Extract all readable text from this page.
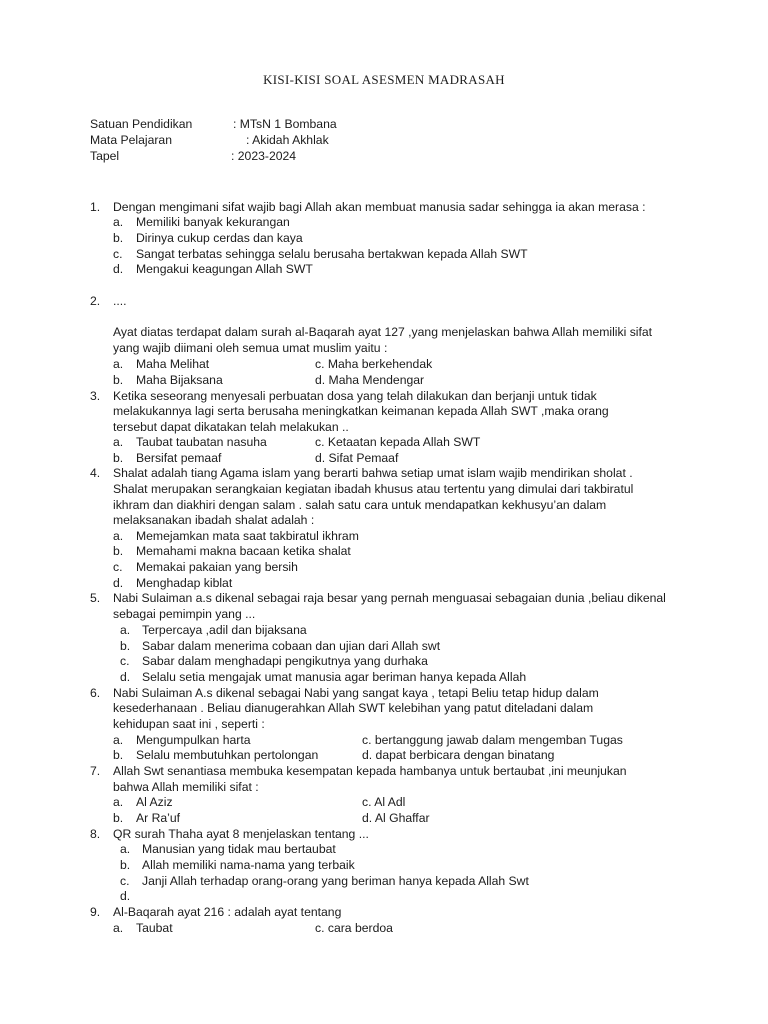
KISI-KISI SOAL ASESMEN MADRASAH
Satuan Pendidikan	: MTsN 1 Bombana
Mata Pelajaran	: Akidah Akhlak
Tapel	: 2023-2024
1. Dengan mengimani sifat wajib bagi Allah akan membuat manusia sadar sehingga ia akan merasa :
a. Memiliki banyak kekurangan
b. Dirinya cukup cerdas dan kaya
c. Sangat terbatas sehingga selalu berusaha bertakwan kepada Allah SWT
d. Mengakui keagungan Allah SWT
2. ....
Ayat diatas terdapat dalam surah al-Baqarah ayat 127 ,yang menjelaskan bahwa Allah memiliki sifat
yang wajib diimani oleh semua umat muslim yaitu :
a. Maha Melihat	c. Maha berkehendak
b. Maha Bijaksana	d. Maha Mendengar
3. Ketika seseorang menyesali perbuatan dosa yang telah dilakukan dan berjanji untuk tidak
melakukannya lagi serta berusaha meningkatkan keimanan kepada Allah SWT ,maka orang
tersebut dapat dikatakan telah melakukan ..
a. Taubat taubatan nasuha	c. Ketaatan kepada Allah SWT
b. Bersifat pemaaf	d. Sifat Pemaaf
4. Shalat adalah tiang Agama islam yang berarti bahwa setiap umat islam wajib mendirikan sholat .
Shalat merupakan serangkaian kegiatan ibadah khusus atau tertentu yang dimulai dari takbiratul
ikhram dan diakhiri dengan salam . salah satu cara untuk mendapatkan kekhusyu’an dalam
melaksanakan ibadah shalat adalah :
a. Memejamkan mata saat takbiratul ikhram
b. Memahami makna bacaan ketika shalat
c. Memakai pakaian yang bersih
d. Menghadap kiblat
5. Nabi Sulaiman a.s dikenal sebagai raja besar yang pernah menguasai sebagaian dunia ,beliau dikenal
sebagai pemimpin yang ...
a. Terpercaya ,adil dan bijaksana
b. Sabar dalam menerima cobaan dan ujian dari Allah swt
c. Sabar dalam menghadapi pengikutnya yang durhaka
d. Selalu setia mengajak umat manusia agar beriman hanya kepada Allah
6. Nabi Sulaiman A.s dikenal sebagai Nabi yang sangat kaya , tetapi Beliu tetap hidup dalam
kesederhanaan . Beliau dianugerahkan Allah SWT kelebihan yang patut diteladani dalam
kehidupan saat ini , seperti :
a. Mengumpulkan harta	c. bertanggung jawab dalam mengemban Tugas
b. Selalu membutuhkan pertolongan	d. dapat berbicara dengan binatang
7. Allah Swt senantiasa membuka kesempatan kepada hambanya untuk bertaubat ,ini meunjukan
bahwa Allah memiliki sifat :
a. Al Aziz	c. Al Adl
b. Ar Ra’uf	d. Al Ghaffar
8. QR surah Thaha ayat 8 menjelaskan tentang ...
a. Manusian yang tidak mau bertaubat
b. Allah memiliki nama-nama yang terbaik
c. Janji Allah terhadap orang-orang yang beriman hanya kepada Allah Swt
d.
9. Al-Baqarah ayat 216 : adalah ayat tentang
a. Taubat	c. cara berdoa
